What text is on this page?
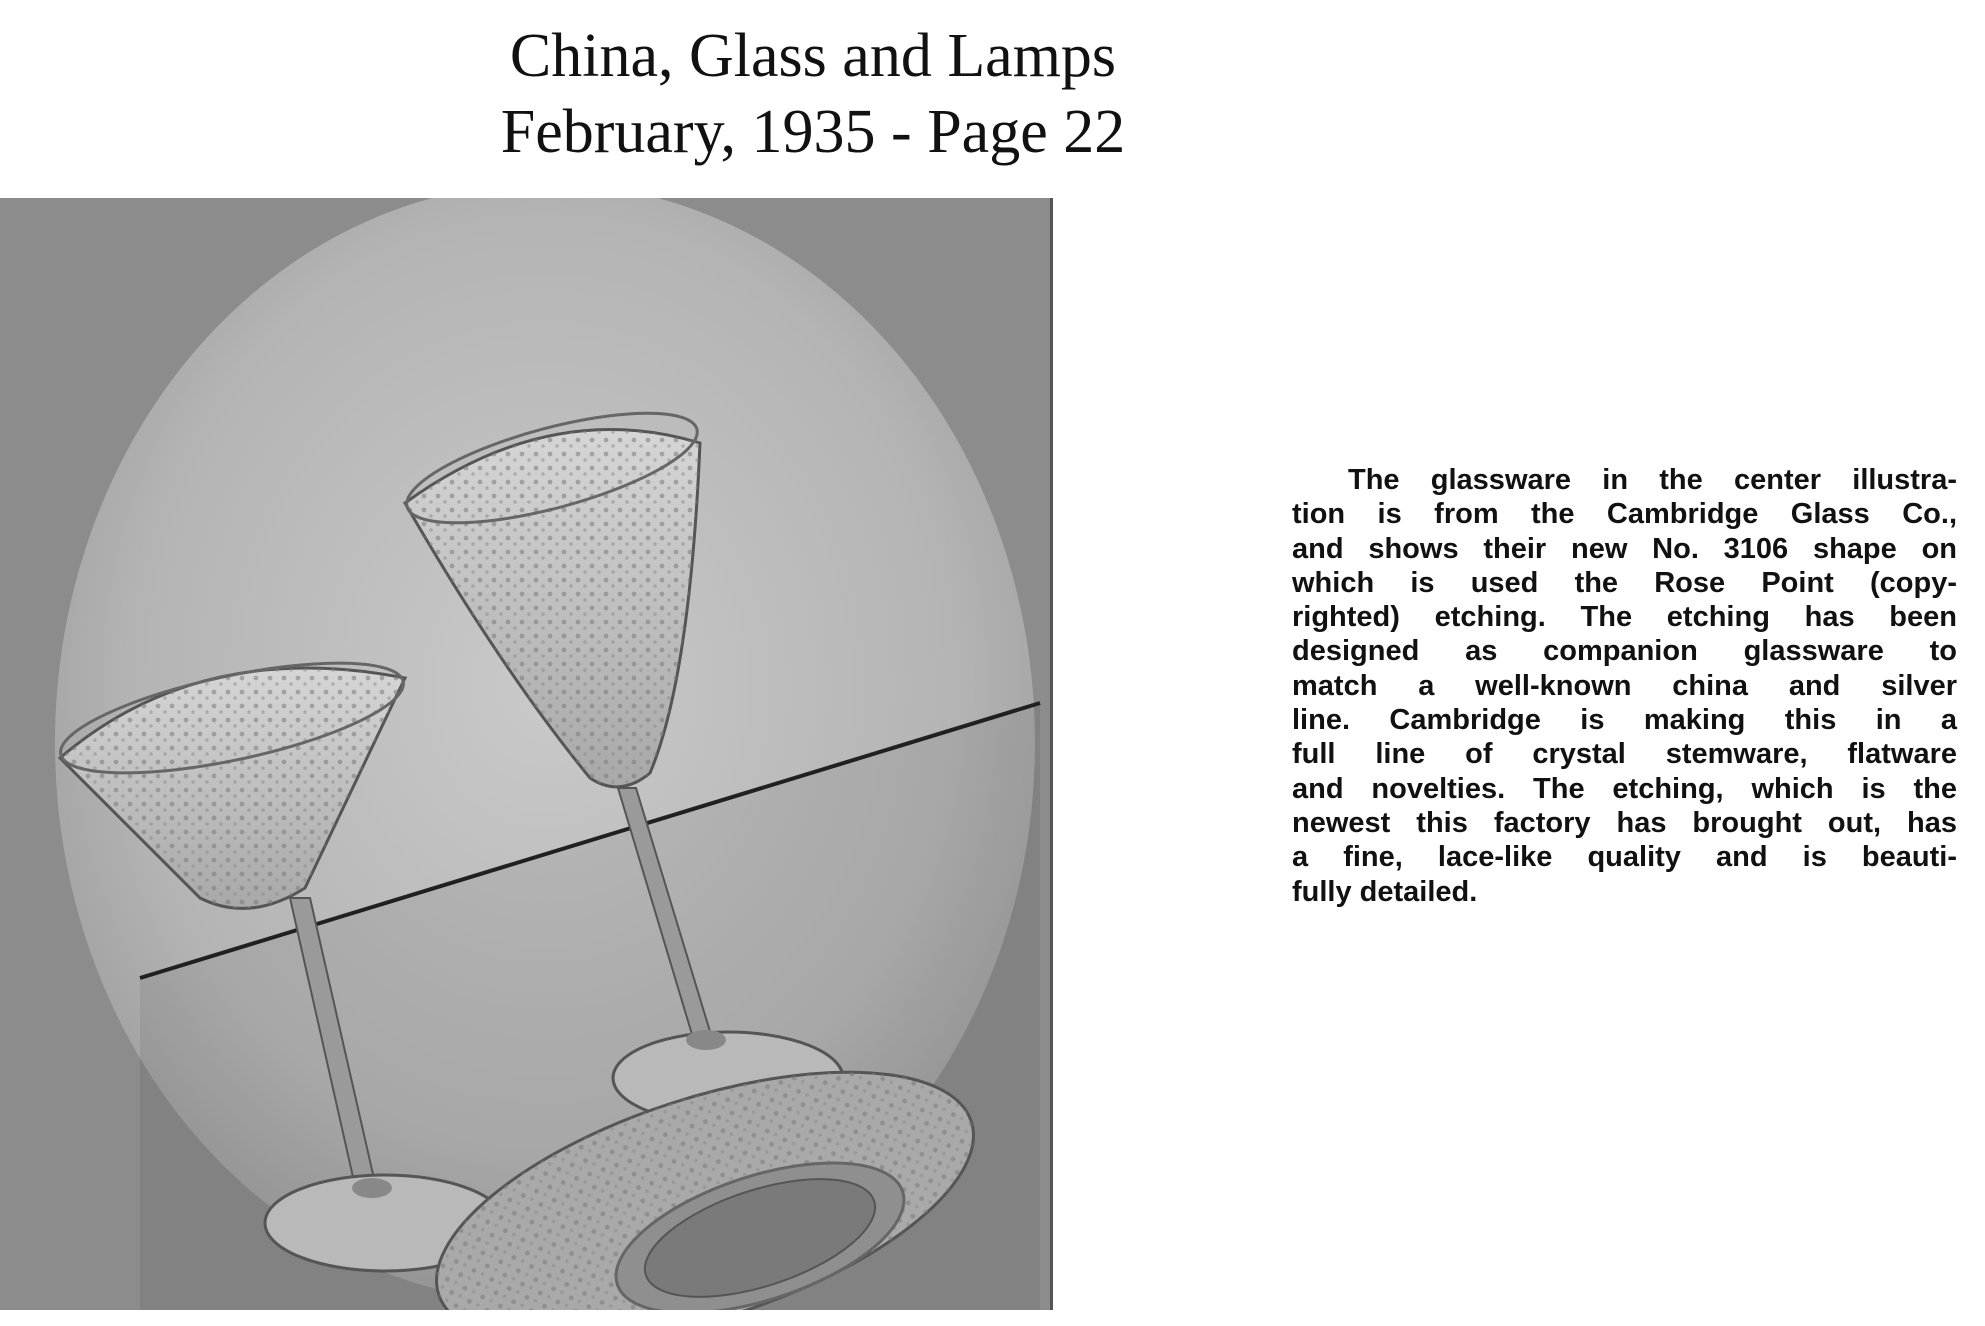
China, Glass and Lamps
February, 1935 - Page 22
The glassware in the center illustra-
tion is from the Cambridge Glass Co.,
and shows their new No. 3106 shape on
which is used the Rose Point (copy-
righted) etching. The etching has been
designed as companion glassware to
match a well-known china and silver
line. Cambridge is making this in a
full line of crystal stemware, flatware
and novelties. The etching, which is the
newest this factory has brought out, has
a fine, lace-like quality and is beauti-
fully detailed.
